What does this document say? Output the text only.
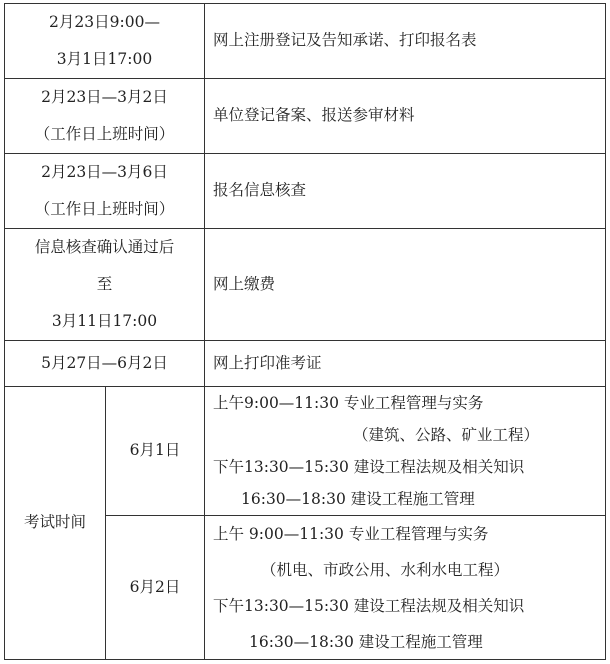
2月23日9:00—
3月1日17:00		网上注册登记及告知承诺、打印报名表

2月23日—3月2日
（工作日上班时间）		单位登记备案、报送参审材料

2月23日—3月6日
（工作日上班时间）		报名信息核查

信息核查确认通过后
至
3月11日17:00		网上缴费

5月27日—6月2日		网上打印准考证
考试时间	6月1日	上午9:00—11:30 专业工程管理与实务
（建筑、公路、矿业工程）
下午13:30—15:30 建设工程法规及相关知识
16:30—18:30 建设工程施工管理

	6月2日	上午 9:00—11:30 专业工程管理与实务
（机电、市政公用、水利水电工程）
下午13:30—15:30 建设工程法规及相关知识
16:30—18:30 建设工程施工管理
